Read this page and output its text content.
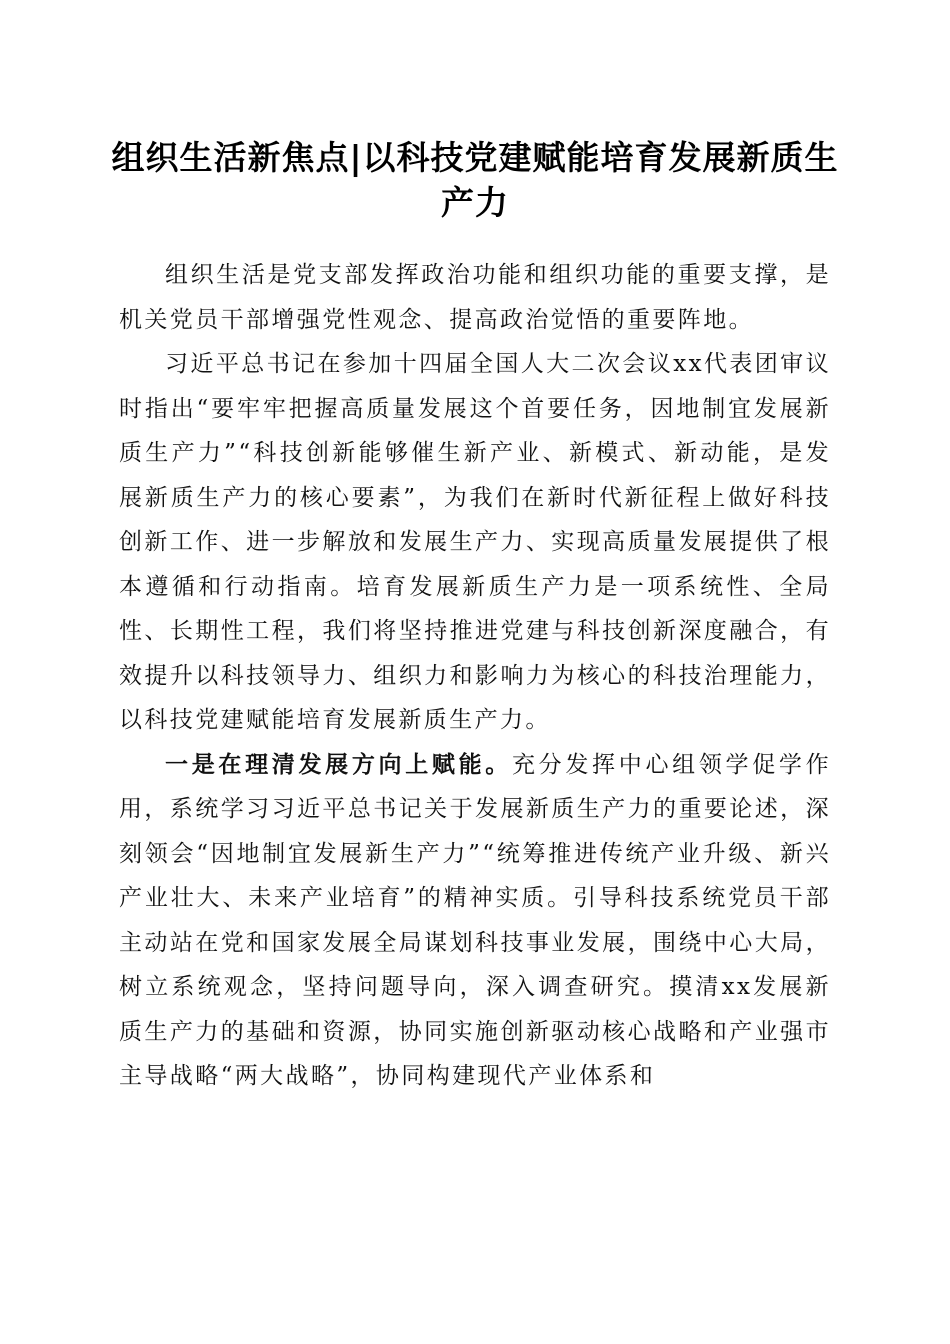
组织生活新焦点|以科技党建赋能培育发展新质生产力

组织生活是党支部发挥政治功能和组织功能的重要支撑，是机关党员干部增强党性观念、提高政治觉悟的重要阵地。

习近平总书记在参加十四届全国人大二次会议xx代表团审议时指出“要牢牢把握高质量发展这个首要任务，因地制宜发展新质生产力”“科技创新能够催生新产业、新模式、新动能，是发展新质生产力的核心要素”，为我们在新时代新征程上做好科技创新工作、进一步解放和发展生产力、实现高质量发展提供了根本遵循和行动指南。培育发展新质生产力是一项系统性、全局性、长期性工程，我们将坚持推进党建与科技创新深度融合，有效提升以科技领导力、组织力和影响力为核心的科技治理能力，以科技党建赋能培育发展新质生产力。

一是在理清发展方向上赋能。充分发挥中心组领学促学作用，系统学习习近平总书记关于发展新质生产力的重要论述，深刻领会“因地制宜发展新生产力”“统筹推进传统产业升级、新兴产业壮大、未来产业培育”的精神实质。引导科技系统党员干部主动站在党和国家发展全局谋划科技事业发展，围绕中心大局，树立系统观念，坚持问题导向，深入调查研究。摸清xx发展新质生产力的基础和资源，协同实施创新驱动核心战略和产业强市主导战略“两大战略”，协同构建现代产业体系和
